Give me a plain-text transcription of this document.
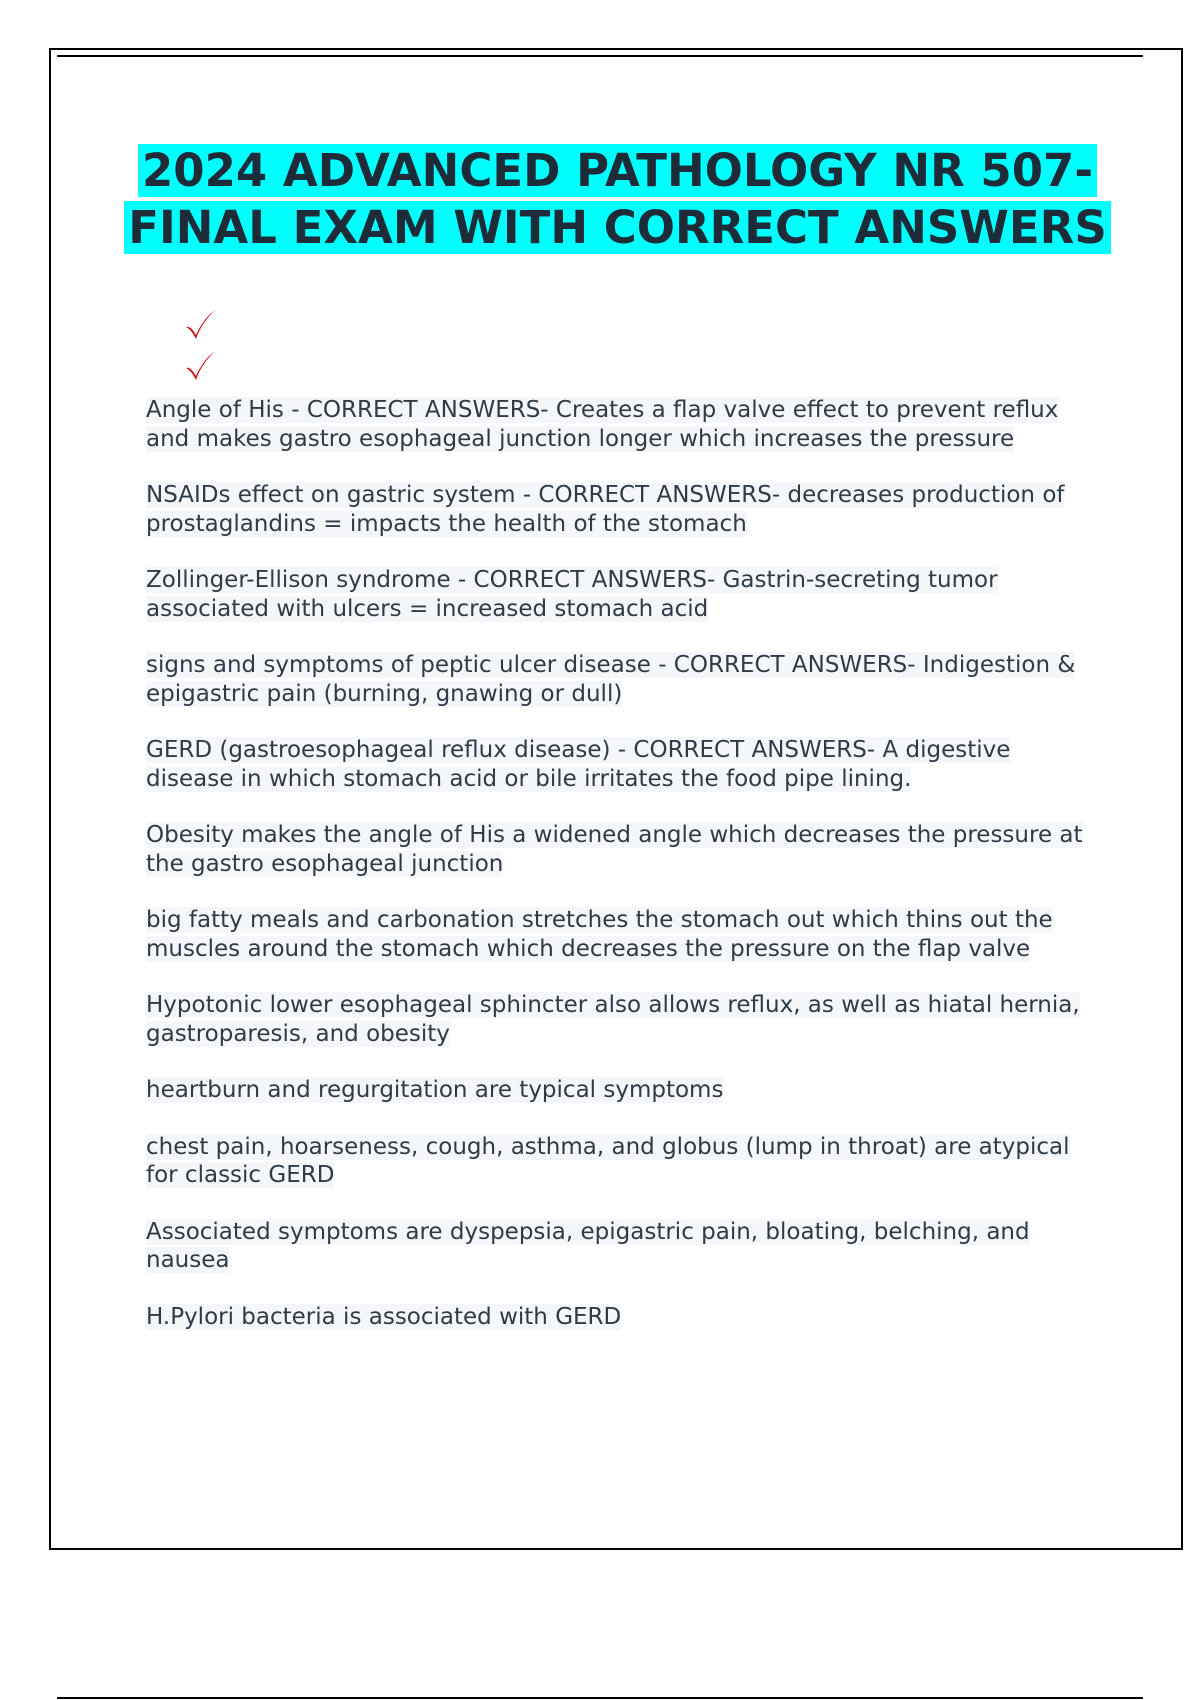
2024 ADVANCED PATHOLOGY NR 507- FINAL EXAM WITH CORRECT ANSWERS

Angle of His - CORRECT ANSWERS- Creates a flap valve effect to prevent reflux and makes gastro esophageal junction longer which increases the pressure

NSAIDs effect on gastric system - CORRECT ANSWERS- decreases production of prostaglandins = impacts the health of the stomach

Zollinger-Ellison syndrome - CORRECT ANSWERS- Gastrin-secreting tumor associated with ulcers = increased stomach acid

signs and symptoms of peptic ulcer disease - CORRECT ANSWERS- Indigestion & epigastric pain (burning, gnawing or dull)

GERD (gastroesophageal reflux disease) - CORRECT ANSWERS- A digestive disease in which stomach acid or bile irritates the food pipe lining.

Obesity makes the angle of His a widened angle which decreases the pressure at the gastro esophageal junction

big fatty meals and carbonation stretches the stomach out which thins out the muscles around the stomach which decreases the pressure on the flap valve

Hypotonic lower esophageal sphincter also allows reflux, as well as hiatal hernia, gastroparesis, and obesity

heartburn and regurgitation are typical symptoms

chest pain, hoarseness, cough, asthma, and globus (lump in throat) are atypical for classic GERD

Associated symptoms are dyspepsia, epigastric pain, bloating, belching, and nausea

H.Pylori bacteria is associated with GERD
